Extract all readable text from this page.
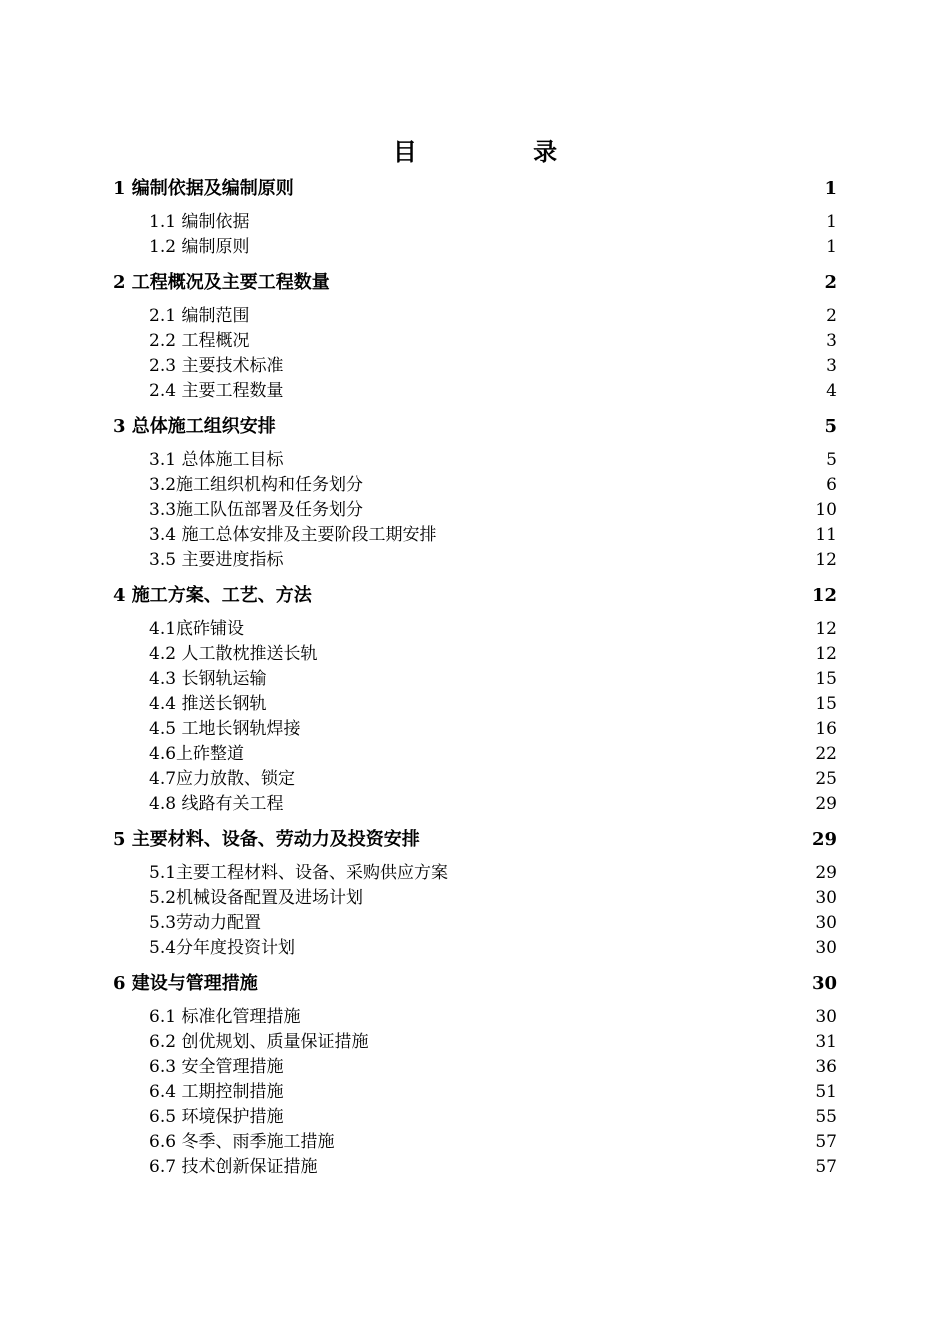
目 录
1 编制依据及编制原则	1
1.1 编制依据	1
1.2 编制原则	1
2 工程概况及主要工程数量	2
2.1 编制范围	2
2.2 工程概况	3
2.3 主要技术标准	3
2.4 主要工程数量	4
3 总体施工组织安排	5
3.1 总体施工目标	5
3.2施工组织机构和任务划分	6
3.3施工队伍部署及任务划分	10
3.4 施工总体安排及主要阶段工期安排	11
3.5 主要进度指标	12
4 施工方案、工艺、方法	12
4.1底砟铺设	12
4.2 人工散枕推送长轨	12
4.3 长钢轨运输	15
4.4 推送长钢轨	15
4.5 工地长钢轨焊接	16
4.6上砟整道	22
4.7应力放散、锁定	25
4.8 线路有关工程	29
5 主要材料、设备、劳动力及投资安排	29
5.1主要工程材料、设备、采购供应方案	29
5.2机械设备配置及进场计划	30
5.3劳动力配置	30
5.4分年度投资计划	30
6 建设与管理措施	30
6.1 标准化管理措施	30
6.2 创优规划、质量保证措施	31
6.3 安全管理措施	36
6.4 工期控制措施	51
6.5 环境保护措施	55
6.6 冬季、雨季施工措施	57
6.7 技术创新保证措施	57
